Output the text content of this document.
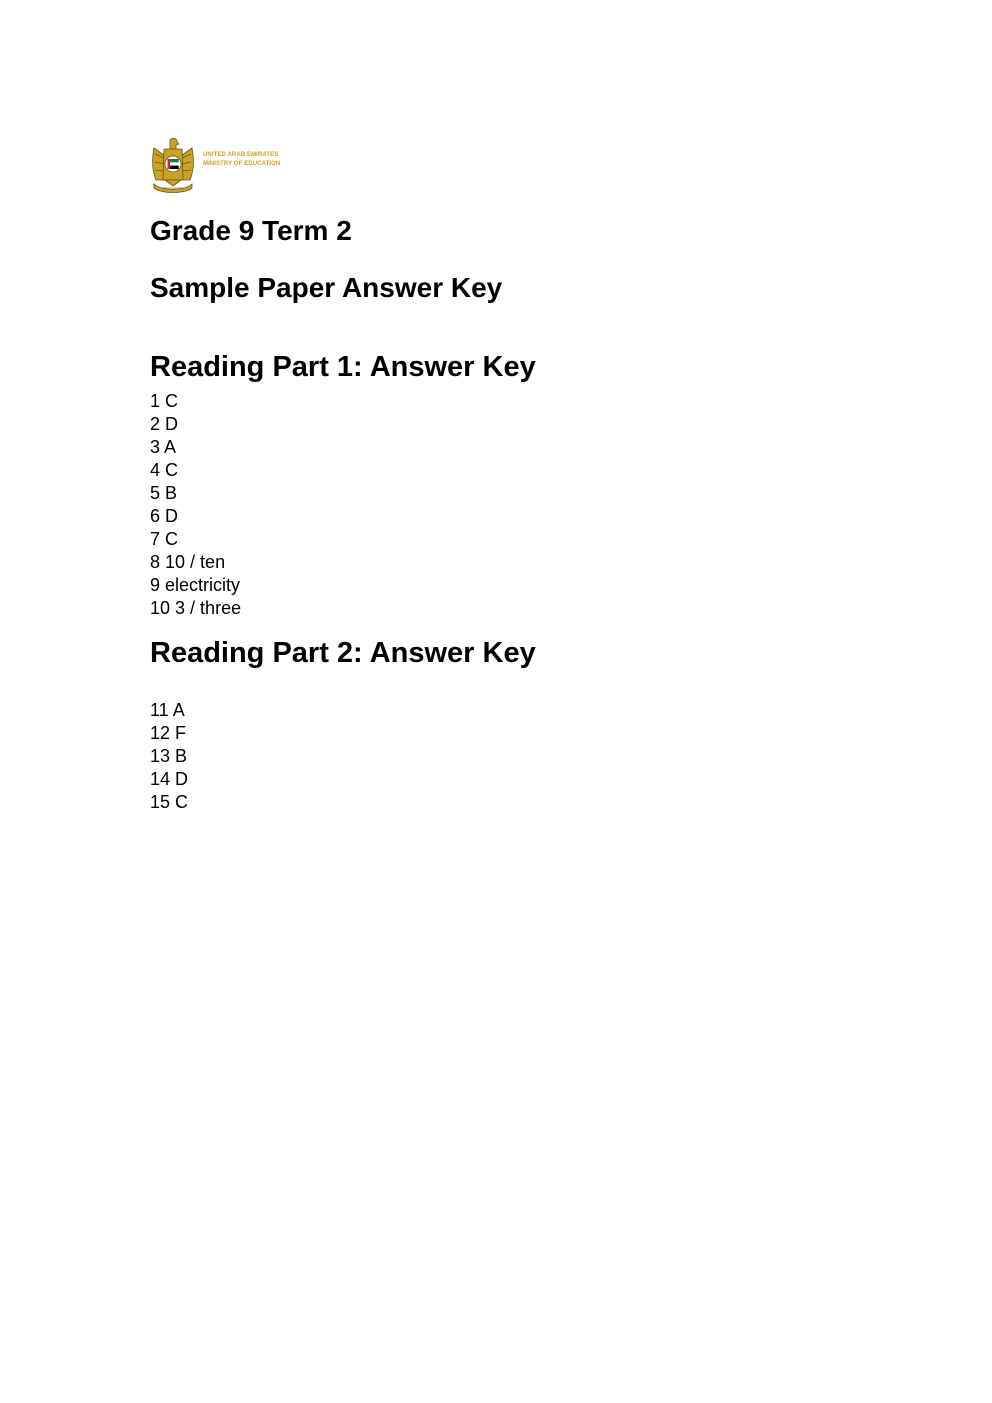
UNITED ARAB EMIRATES
MINISTRY OF EDUCATION
Grade 9 Term 2
Sample Paper Answer Key
Reading Part 1: Answer Key
1 C
2 D
3 A
4 C
5 B
6 D
7 C
8 10 / ten
9 electricity
10 3 / three
Reading Part 2: Answer Key
11 A
12 F
13 B
14 D
15 C
